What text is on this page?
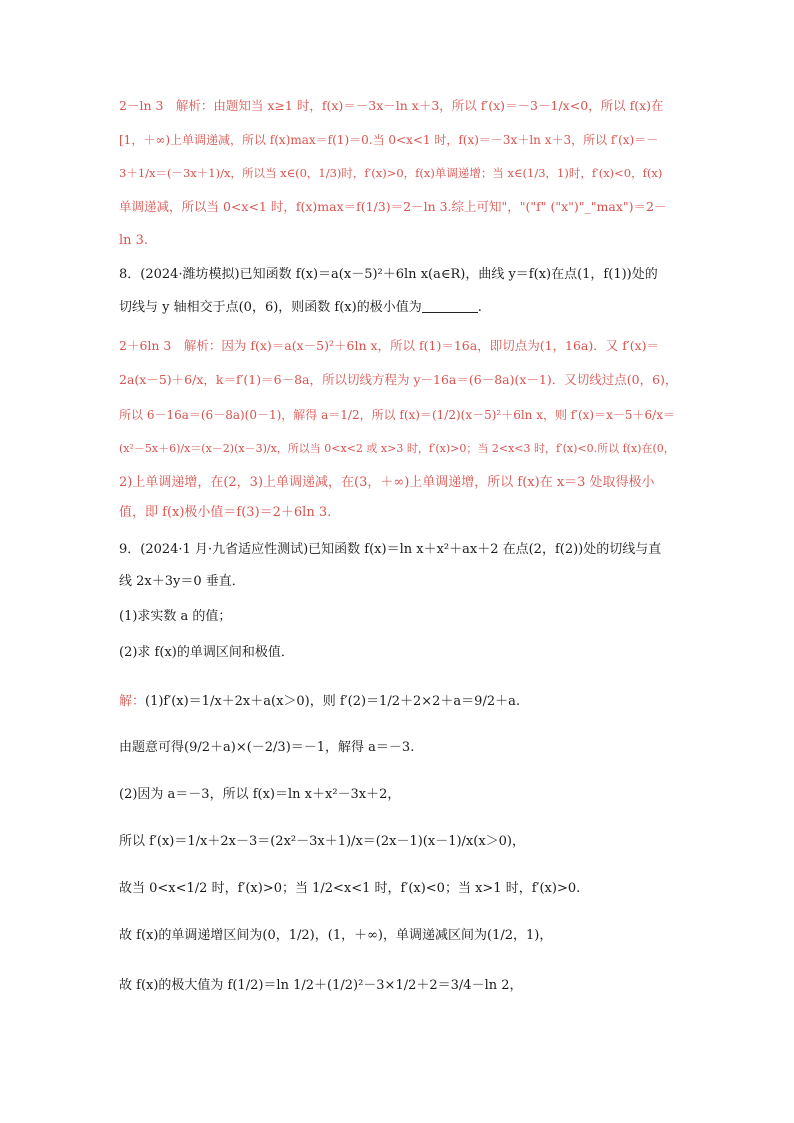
2－ln 3　解析：由题知当 x≥1 时，f(x)＝－3x－ln x＋3，所以 f′(x)＝－3－1/x<0，所以 f(x)在
[1，＋∞)上单调递减，所以 f(x)max＝f(1)＝0.当 0<x<1 时，f(x)＝－3x＋ln x＋3，所以 f′(x)＝－
3＋1/x＝(－3x＋1)/x，所以当 x∈(0，1/3)时，f′(x)>0，f(x)单调递增；当 x∈(1/3，1)时，f′(x)<0，f(x)
单调递减，所以当 0<x<1 时，f(x)max＝f(1/3)＝2－ln 3.综上可知"，"("f" ("x")"_"max")＝2－
ln 3.
8．(2024·潍坊模拟)已知函数 f(x)＝a(x－5)²＋6ln x(a∈R)，曲线 y＝f(x)在点(1，f(1))处的
切线与 y 轴相交于点(0，6)，则函数 f(x)的极小值为	.
2＋6ln 3　解析：因为 f(x)＝a(x－5)²＋6ln x，所以 f(1)＝16a，即切点为(1，16a)．又 f′(x)＝
2a(x－5)＋6/x，k＝f′(1)＝6－8a，所以切线方程为 y－16a＝(6－8a)(x－1)．又切线过点(0，6)，
所以 6－16a＝(6－8a)(0－1)，解得 a＝1/2，所以 f(x)＝(1/2)(x－5)²＋6ln x，则 f′(x)＝x－5＋6/x＝
(x²－5x＋6)/x＝(x－2)(x－3)/x，所以当 0<x<2 或 x>3 时，f′(x)>0；当 2<x<3 时，f′(x)<0.所以 f(x)在(0，
2)上单调递增，在(2，3)上单调递减，在(3，＋∞)上单调递增，所以 f(x)在 x＝3 处取得极小
值，即 f(x)极小值＝f(3)＝2＋6ln 3.
9．(2024·1 月·九省适应性测试)已知函数 f(x)＝ln x＋x²＋ax＋2 在点(2，f(2))处的切线与直
线 2x＋3y＝0 垂直．
(1)求实数 a 的值；
(2)求 f(x)的单调区间和极值．
解：(1)f′(x)＝1/x＋2x＋a(x＞0)，则 f′(2)＝1/2＋2×2＋a＝9/2＋a.
由题意可得(9/2＋a)×(－2/3)＝－1，解得 a＝－3.
(2)因为 a＝－3，所以 f(x)＝ln x＋x²－3x＋2，
所以 f′(x)＝1/x＋2x－3＝(2x²－3x＋1)/x＝(2x－1)(x－1)/x(x＞0)，
故当 0<x<1/2 时，f′(x)>0；当 1/2<x<1 时，f′(x)<0；当 x>1 时，f′(x)>0.
故 f(x)的单调递增区间为(0，1/2)，(1，＋∞)，单调递减区间为(1/2，1)，
故 f(x)的极大值为 f(1/2)＝ln 1/2＋(1/2)²－3×1/2＋2＝3/4－ln 2，
